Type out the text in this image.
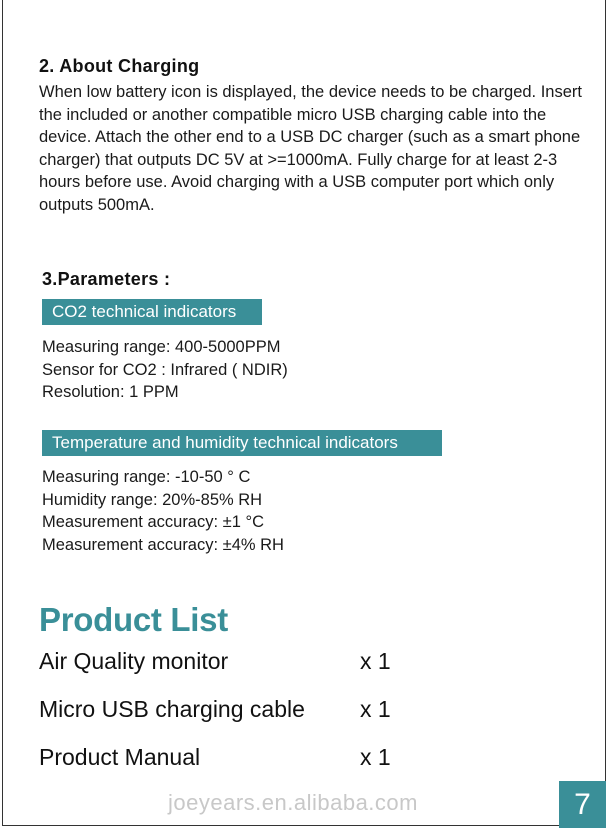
2. About Charging
When low battery icon is displayed, the device needs to be charged. Insert the included or another compatible micro USB charging cable into the device. Attach the other end to a USB DC charger (such as a smart phone charger) that outputs DC 5V at >=1000mA. Fully charge for at least 2-3 hours before use. Avoid charging with a USB computer port which only outputs 500mA.
3.Parameters :
CO2 technical indicators
Measuring range: 400-5000PPM
Sensor for CO2 : Infrared ( NDIR)
Resolution: 1 PPM
Temperature and humidity technical indicators
Measuring range: -10-50 ° C
Humidity range: 20%-85% RH
Measurement accuracy: ±1 °C
Measurement accuracy: ±4% RH
Product List
Air Quality monitor	x 1
Micro USB charging cable x 1
Product Manual	x 1
joeyears.en.alibaba.com	7
